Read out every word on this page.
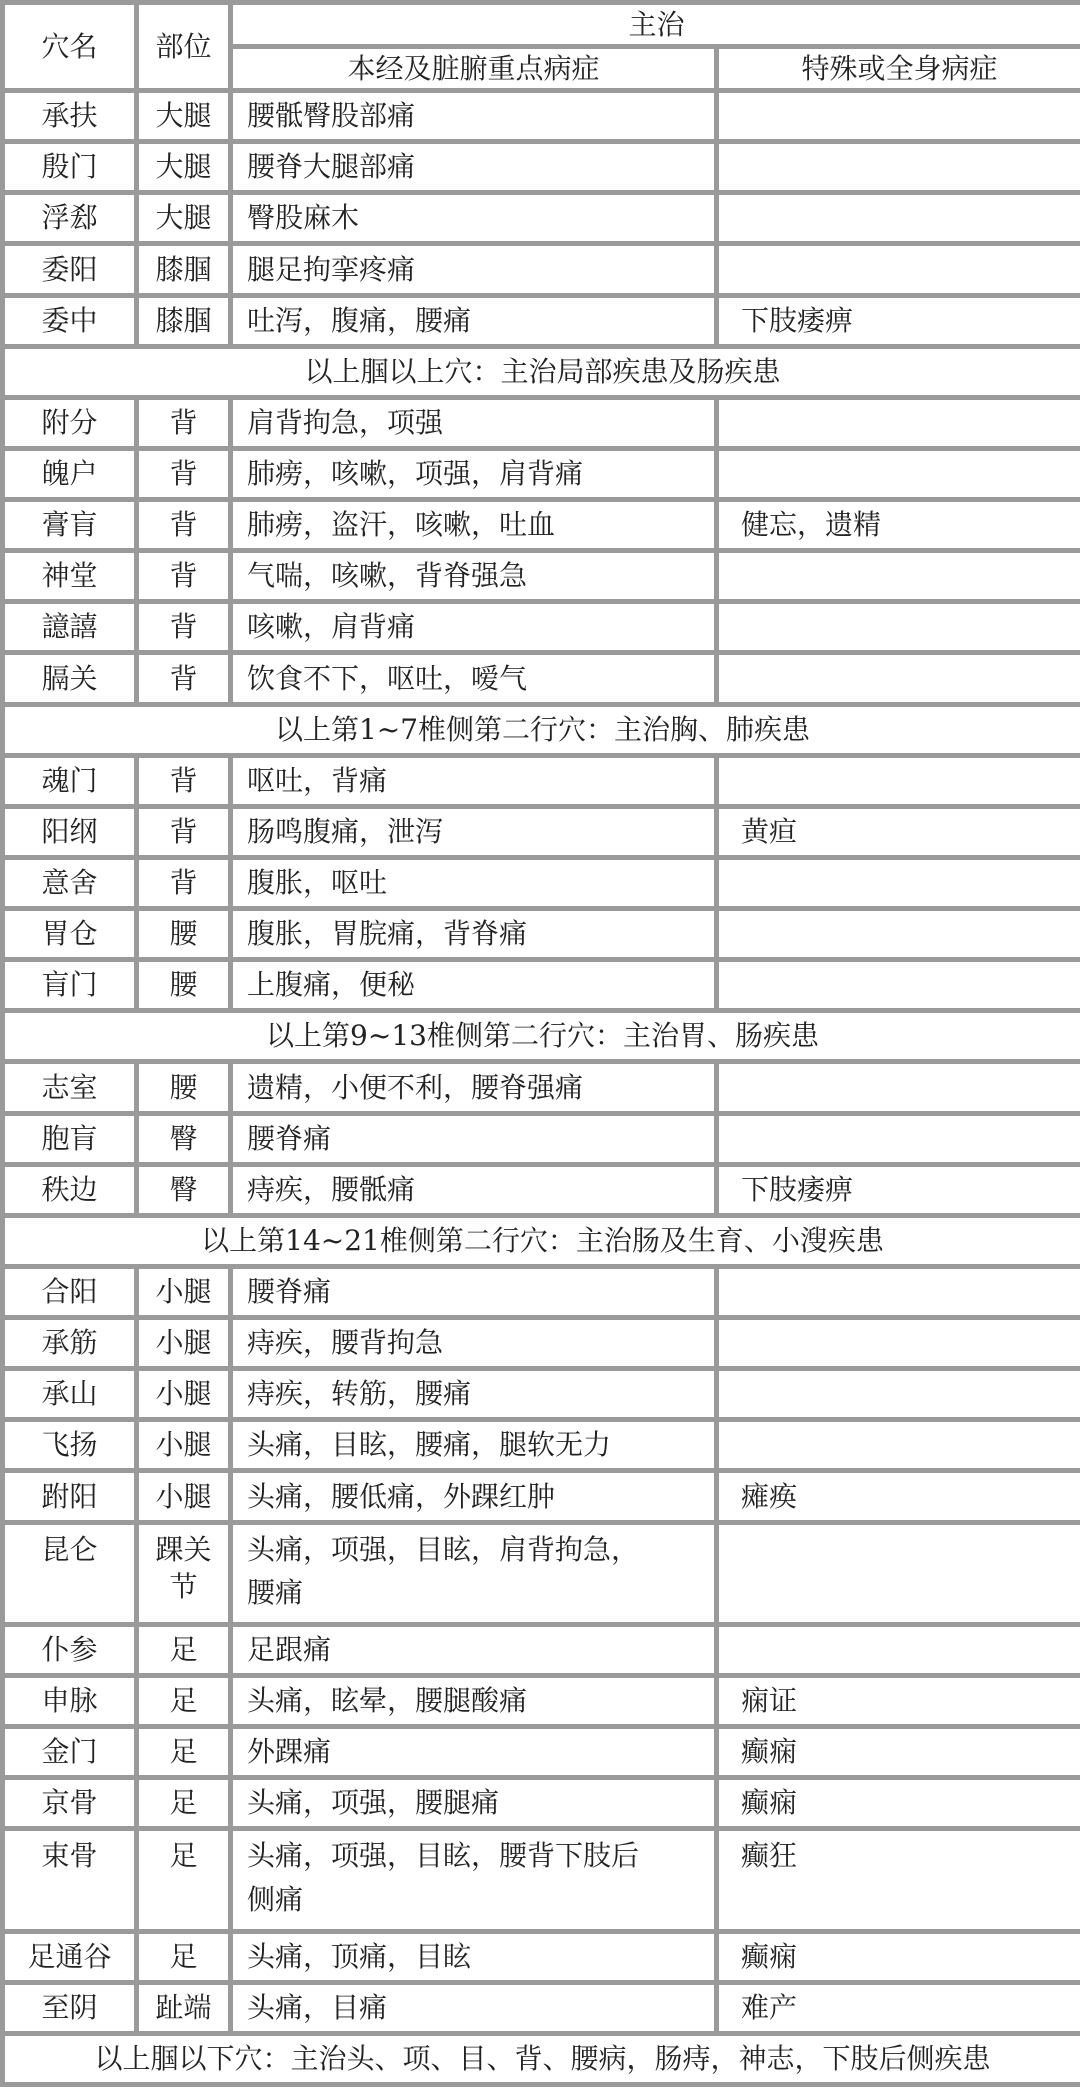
穴名	部位	主治	
		本经及脏腑重点病症	特殊或全身病症
承扶	大腿	腰骶臀股部痛	
殷门	大腿	腰脊大腿部痛	
浮郄	大腿	臀股麻木	
委阳	膝腘	腿足拘挛疼痛	
委中	膝腘	吐泻，腹痛，腰痛	下肢痿痹
以上腘以上穴：主治局部疾患及肠疾患			
附分	背	肩背拘急，项强	
魄户	背	肺痨，咳嗽，项强，肩背痛	
膏肓	背	肺痨，盗汗，咳嗽，吐血	健忘，遗精
神堂	背	气喘，咳嗽，背脊强急	
譩譆	背	咳嗽，肩背痛	
膈关	背	饮食不下，呕吐，嗳气	
以上第1~7椎侧第二行穴：主治胸、肺疾患			
魂门	背	呕吐，背痛	
阳纲	背	肠鸣腹痛，泄泻	黄疸
意舍	背	腹胀，呕吐	
胃仓	腰	腹胀，胃脘痛，背脊痛	
肓门	腰	上腹痛，便秘	
以上第9~13椎侧第二行穴：主治胃、肠疾患			
志室	腰	遗精，小便不利，腰脊强痛	
胞肓	臀	腰脊痛	
秩边	臀	痔疾，腰骶痛	下肢痿痹
以上第14~21椎侧第二行穴：主治肠及生育、小溲疾患			
合阳	小腿	腰脊痛	
承筋	小腿	痔疾，腰背拘急	
承山	小腿	痔疾，转筋，腰痛	
飞扬	小腿	头痛，目眩，腰痛，腿软无力	
跗阳	小腿	头痛，腰低痛，外踝红肿	瘫痪
昆仑	踝关节	头痛，项强，目眩，肩背拘急，
腰痛	

仆参	足	足跟痛	
申脉	足	头痛，眩晕，腰腿酸痛	痫证
金门	足	外踝痛	癫痫
京骨	足	头痛，项强，腰腿痛	癫痫
束骨	足	头痛，项强，目眩，腰背下肢后
侧痛	癫狂
足通谷	足	头痛，顶痛，目眩	癫痫
至阴	趾端	头痛，目痛	难产
以上腘以下穴：主治头、项、目、背、腰病，肠痔，神志，下肢后侧疾患			
